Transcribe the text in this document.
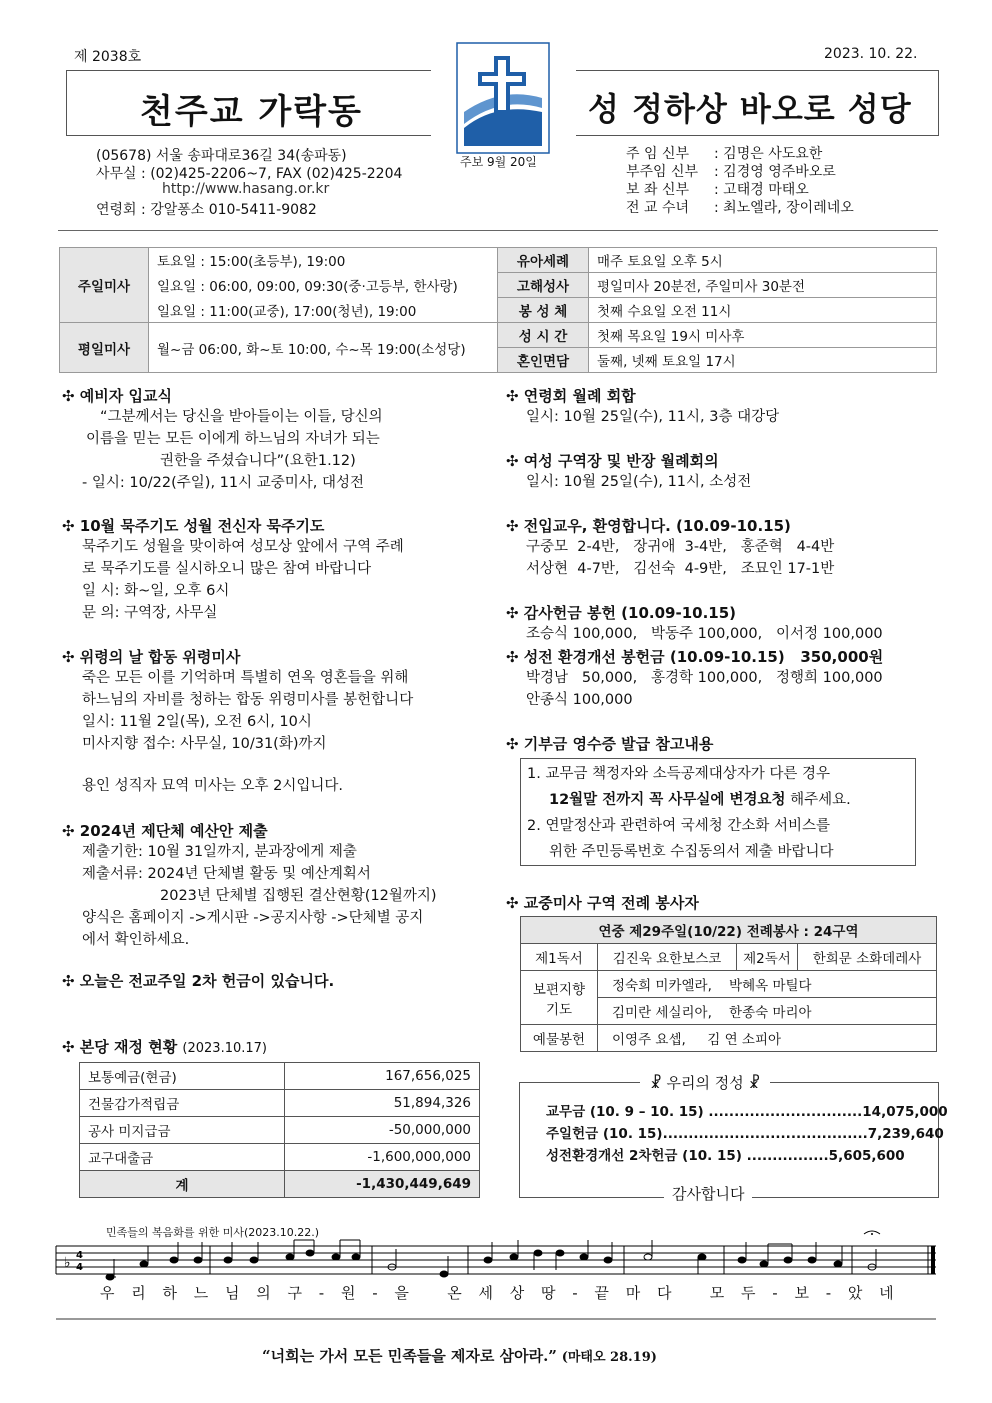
제 2038호	2023. 10. 22.
천주교 가락동	성 정하상 바오로 성당
(05678) 서울 송파대로36길 34(송파동)
사무실 : (02)425-2206~7, FAX (02)425-2204
http://www.hasang.or.kr
연령회 : 강알퐁소 010-5411-9082
주보 9월 20일	주 임 신부 : 김명은 사도요한
부주임 신부 : 김경영 영주바오로
보 좌 신부 : 고태경 마태오
전 교 수녀 : 최노엘라, 장이레네오
주일미사	토요일 : 15:00(초등부), 19:00	유아세례	매주 토요일 오후 5시
	일요일 : 06:00, 09:00, 09:30(중·고등부, 한사랑)	고해성사	평일미사 20분전, 주일미사 30분전
	일요일 : 11:00(교중), 17:00(청년), 19:00	봉 성 체	첫째 수요일 오전 11시
평일미사	월~금 06:00, 화~토 10:00, 수~목 19:00(소성당)	성 시 간	첫째 목요일 19시 미사후
		혼인면담	둘째, 넷째 토요일 17시
✣ 예비자 입교식
“그분께서는 당신을 받아들이는 이들, 당신의
이름을 믿는 모든 이에게 하느님의 자녀가 되는
권한을 주셨습니다”(요한1.12)
- 일시: 10/22(주일), 11시 교중미사, 대성전
✣ 10월 묵주기도 성월 전신자 묵주기도
묵주기도 성월을 맞이하여 성모상 앞에서 구역 주례
로 묵주기도를 실시하오니 많은 참여 바랍니다
일 시: 화~일, 오후 6시
문 의: 구역장, 사무실
✣ 위령의 날 합동 위령미사
죽은 모든 이를 기억하며 특별히 연옥 영혼들을 위해
하느님의 자비를 청하는 합동 위령미사를 봉헌합니다
일시: 11월 2일(목), 오전 6시, 10시
미사지향 접수: 사무실, 10/31(화)까지
용인 성직자 묘역 미사는 오후 2시입니다.
✣ 2024년 제단체 예산안 제출
제출기한: 10월 31일까지, 분과장에게 제출
제출서류: 2024년 단체별 활동 및 예산계획서
2023년 단체별 집행된 결산현황(12월까지)
양식은 홈페이지 ->게시판 ->공지사항 ->단체별 공지
에서 확인하세요.
✣ 오늘은 전교주일 2차 헌금이 있습니다.
✣ 본당 재정 현황 (2023.10.17)
보통예금(현금)	167,656,025
건물감가적립금	51,894,326
공사 미지급금	-50,000,000
교구대출금	-1,600,000,000
계	-1,430,449,649
✣ 연령회 월례 회합
일시: 10월 25일(수), 11시, 3층 대강당
✣ 여성 구역장 및 반장 월례회의
일시: 10월 25일(수), 11시, 소성전
✣ 전입교우, 환영합니다. (10.09-10.15)
구중모  2-4반,   장귀애  3-4반,   홍준혁   4-4반
서상현  4-7반,   김선숙  4-9반,   조묘인 17-1반
✣ 감사헌금 봉헌 (10.09-10.15)
조승식 100,000,   박동주 100,000,   이서정 100,000
✣ 성전 환경개선 봉헌금 (10.09-10.15)   350,000원
박경남   50,000,   홍경학 100,000,   정행희 100,000
안종식 100,000
✣ 기부금 영수증 발급 참고내용
1. 교무금 책정자와 소득공제대상자가 다른 경우
12월말 전까지 꼭 사무실에 변경요청 해주세요.
2. 연말정산과 관련하여 국세청 간소화 서비스를
위한 주민등록번호 수집동의서 제출 바랍니다
✣ 교중미사 구역 전례 봉사자
연중 제29주일(10/22) 전례봉사 : 24구역			
제1독서	김진욱 요한보스코	제2독서	한희문 소화데레사
보편지향 기도	정숙희 미카엘라,    박혜옥 마틸다		
	김미란 세실리아,    한종숙 마리아		
예물봉헌	이영주 요셉,     김 연 소피아		
☧ 우리의 정성 ☧
교무금 (10. 9 – 10. 15) .............................. 14,075,000
주일헌금 (10. 15)........................................ 7,239,640
성전환경개선 2차헌금 (10. 15) ................ 5,605,600
감사합니다
민족들의 복음화를 위한 미사(2023.10.22.)
♭ 4
4
우 리 하 느 님 의 구 - 원 - 을   온 세 상 땅 - 끝 마 다   모 두 - 보 - 았 네
“너희는 가서 모든 민족들을 제자로 삼아라.” (마태오 28.19)
